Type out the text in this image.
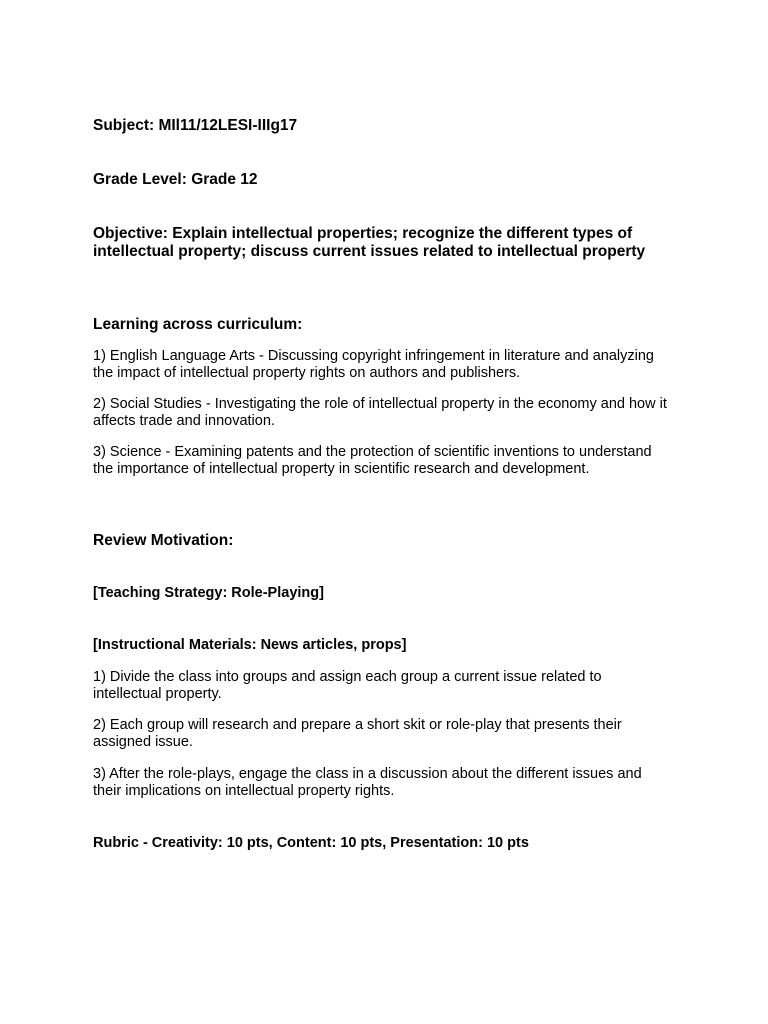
Subject: MIl11/12LESI-IIIg17

Grade Level: Grade 12

Objective: Explain intellectual properties; recognize the different types of intellectual property; discuss current issues related to intellectual property

Learning across curriculum:

1) English Language Arts - Discussing copyright infringement in literature and analyzing the impact of intellectual property rights on authors and publishers.

2) Social Studies - Investigating the role of intellectual property in the economy and how it affects trade and innovation.

3) Science - Examining patents and the protection of scientific inventions to understand the importance of intellectual property in scientific research and development.

Review Motivation:

[Teaching Strategy: Role-Playing]

[Instructional Materials: News articles, props]

1) Divide the class into groups and assign each group a current issue related to intellectual property.

2) Each group will research and prepare a short skit or role-play that presents their assigned issue.

3) After the role-plays, engage the class in a discussion about the different issues and their implications on intellectual property rights.

Rubric - Creativity: 10 pts, Content: 10 pts, Presentation: 10 pts
